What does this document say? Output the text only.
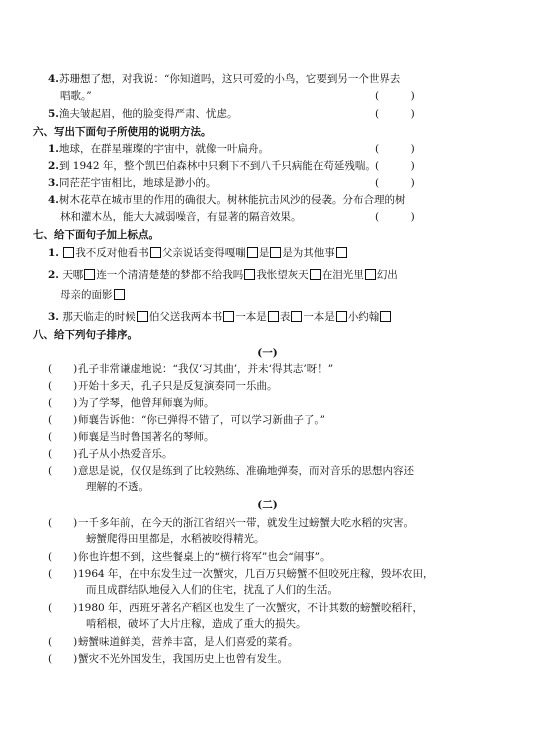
4.苏珊想了想，对我说：“你知道吗，这只可爱的小鸟，它要到另一个世界去
唱歌。”	(　　　)
5.渔夫皱起眉，他的脸变得严肃、忧虑。	(　　　)
六、写出下面句子所使用的说明方法。
1.地球，在群星璀璨的宇宙中，就像一叶扁舟。	(　　　)
2.到 1942 年，整个凯巴伯森林中只剩下不到八千只病能在苟延残喘。 (　　　)
3.同茫茫宇宙相比，地球是渺小的。	(　　　)
4.树木花草在城市里的作用的确很大。树林能抗击风沙的侵袭。分布合理的树
林和灌木丛，能大大减弱噪音，有显著的隔音效果。	(　　　)
七、给下面句子加上标点。
1. 我不反对他看书 父亲说话变得嘎嘣 是 是为其他事
2. 天哪 连一个清清楚楚的梦都不给我吗 我怅望灰天 在泪光里 幻出
母亲的面影
3. 那天临走的时候 伯父送我两本书 一本是 表 一本是 小约翰
八、给下列句子排序。
(一)
(　　) 孔子非常谦虚地说：“我仅‘习其曲’，并未‘得其志’呀！”
(　　) 开始十多天，孔子只是反复演奏同一乐曲。
(　　) 为了学琴，他曾拜师襄为师。
(　　) 师襄告诉他：“你已弹得不错了，可以学习新曲子了。”
(　　) 师襄是当时鲁国著名的琴师。
(　　) 孔子从小热爱音乐。
(　　) 意思是说，仅仅是练到了比较熟练、准确地弹奏，而对音乐的思想内容还
理解的不透。
(二)
(　　) 一千多年前，在今天的浙江省绍兴一带，就发生过螃蟹大吃水稻的灾害。
螃蟹爬得田里都是，水稻被咬得精光。
(　　) 你也许想不到，这些餐桌上的“横行将军”也会“闹事”。
(　　) 1964 年，在中东发生过一次蟹灾，几百万只螃蟹不但咬死庄稼，毁坏农田，
而且成群结队地侵入人们的住宅，扰乱了人们的生活。
(　　) 1980 年，西班牙著名产稻区也发生了一次蟹灾，不计其数的螃蟹咬稻秆，
啃稻根，破坏了大片庄稼，造成了重大的损失。
(　　) 螃蟹味道鲜美，营养丰富，是人们喜爱的菜肴。
(　　) 蟹灾不光外国发生，我国历史上也曾有发生。
